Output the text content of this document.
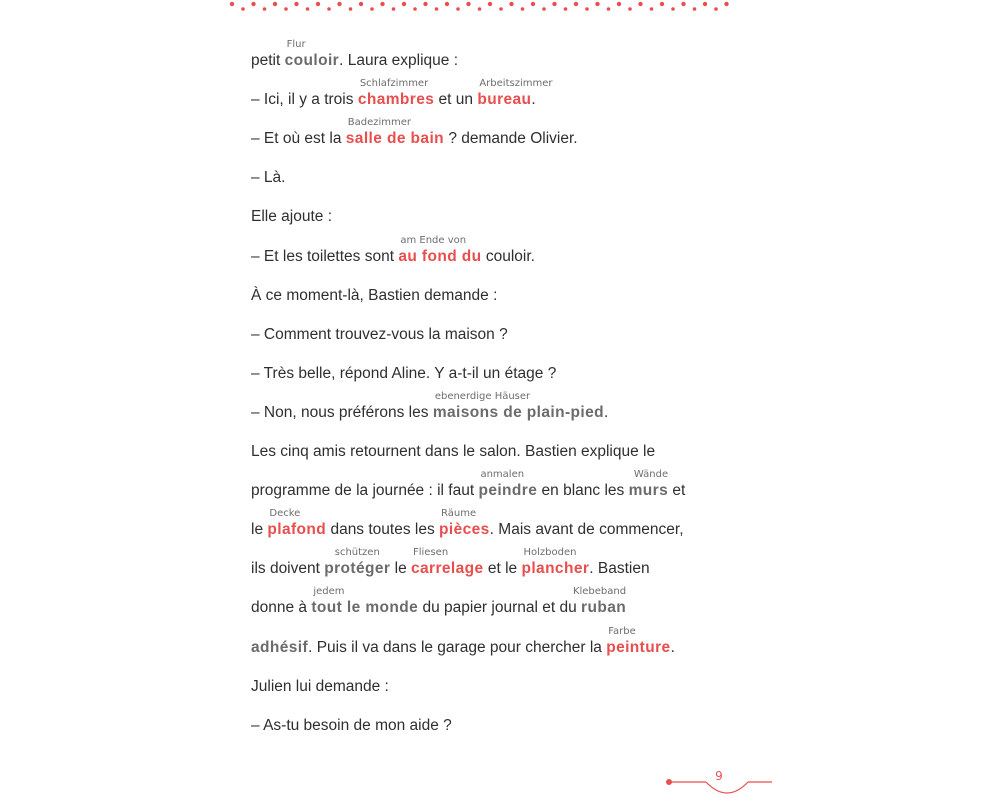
petit couloir
Flur
. Laura explique :
– Ici, il y a trois chambres
Schlafzimmer
et un bureau
Arbeitszimmer
.
– Et où est la salle de bain
Badezimmer
? demande Olivier.
– Là.
Elle ajoute :
– Et les toilettes sont au fond du
am Ende von
couloir.
À ce moment-là, Bastien demande :
– Comment trouvez-vous la maison ?
– Très belle, répond Aline. Y a-t-il un étage ?
– Non, nous préférons les maisons de plain-pied
ebenerdige Häuser
.
Les cinq amis retournent dans le salon. Bastien explique le
programme de la journée : il faut peindre
anmalen
en blanc les murs
Wände
et
le plafond
Decke
dans toutes les pièces
Räume
. Mais avant de commencer,
ils doivent protéger
schützen
le carrelage
Fliesen
et le plancher
Holzboden
. Bastien
donne à tout le monde
jedem
du papier journal et du ruban
Klebeband
adhésif. Puis il va dans le garage pour chercher la peinture
Farbe
.
Julien lui demande :
– As-tu besoin de mon aide ?
9
